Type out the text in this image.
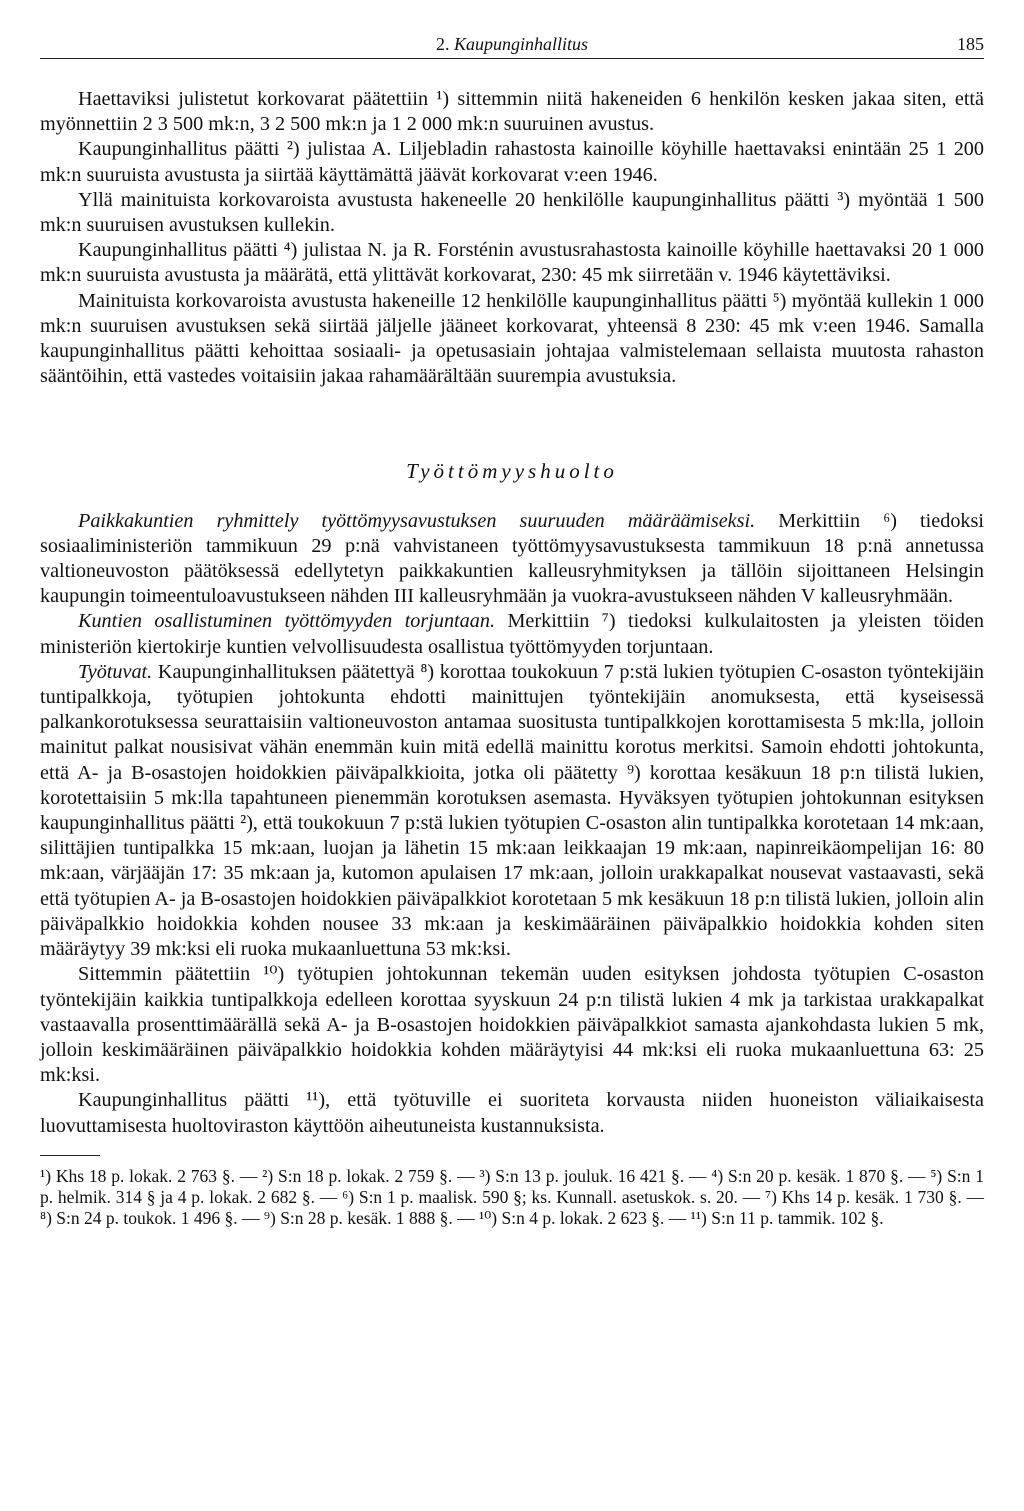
2. Kaupunginhallitus	185

Haettaviksi julistetut korkovarat päätettiin ¹) sittemmin niitä hakeneiden 6 henkilön kesken jakaa siten, että myönnettiin 2 3 500 mk:n, 3 2 500 mk:n ja 1 2 000 mk:n suuruinen avustus.

Kaupunginhallitus päätti ²) julistaa A. Liljebladin rahastosta kainoille köyhille haettavaksi enintään 25 1 200 mk:n suuruista avustusta ja siirtää käyttämättä jäävät korkovarat v:een 1946.

Yllä mainituista korkovaroista avustusta hakeneelle 20 henkilölle kaupunginhallitus päätti ³) myöntää 1 500 mk:n suuruisen avustuksen kullekin.

Kaupunginhallitus päätti ⁴) julistaa N. ja R. Forsténin avustusrahastosta kainoille köyhille haettavaksi 20 1 000 mk:n suuruista avustusta ja määrätä, että ylittävät korkovarat, 230: 45 mk siirretään v. 1946 käytettäviksi.

Mainituista korkovaroista avustusta hakeneille 12 henkilölle kaupunginhallitus päätti ⁵) myöntää kullekin 1 000 mk:n suuruisen avustuksen sekä siirtää jäljelle jääneet korkovarat, yhteensä 8 230: 45 mk v:een 1946. Samalla kaupunginhallitus päätti kehoittaa sosiaali- ja opetusasiain johtajaa valmistelemaan sellaista muutosta rahaston sääntöihin, että vastedes voitaisiin jakaa rahamäärältään suurempia avustuksia.

Työttömyyshuolto

Paikkakuntien ryhmittely työttömyysavustuksen suuruuden määräämiseksi. Merkittiin ⁶) tiedoksi sosiaaliministeriön tammikuun 29 p:nä vahvistaneen työttömyysavustuksesta tammikuun 18 p:nä annetussa valtioneuvoston päätöksessä edellytetyn paikkakuntien kalleusryhmityksen ja tällöin sijoittaneen Helsingin kaupungin toimeentuloavustukseen nähden III kalleusryhmään ja vuokra-avustukseen nähden V kalleusryhmään.

Kuntien osallistuminen työttömyyden torjuntaan. Merkittiin ⁷) tiedoksi kulkulaitosten ja yleisten töiden ministeriön kiertokirje kuntien velvollisuudesta osallistua työttömyyden torjuntaan.

Työtuvat. Kaupunginhallituksen päätettyä ⁸) korottaa toukokuun 7 p:stä lukien työtupien C-osaston työntekijäin tuntipalkkoja, työtupien johtokunta ehdotti mainittujen työntekijäin anomuksesta, että kyseisessä palkankorotuksessa seurattaisiin valtioneuvoston antamaa suositusta tuntipalkkojen korottamisesta 5 mk:lla, jolloin mainitut palkat nousisivat vähän enemmän kuin mitä edellä mainittu korotus merkitsi. Samoin ehdotti johtokunta, että A- ja B-osastojen hoidokkien päiväpalkkioita, jotka oli päätetty ⁹) korottaa kesäkuun 18 p:n tilistä lukien, korotettaisiin 5 mk:lla tapahtuneen pienemmän korotuksen asemasta. Hyväksyen työtupien johtokunnan esityksen kaupunginhallitus päätti ²), että toukokuun 7 p:stä lukien työtupien C-osaston alin tuntipalkka korotetaan 14 mk:aan, silittäjien tuntipalkka 15 mk:aan, luojan ja lähetin 15 mk:aan leikkaajan 19 mk:aan, napinreikäompelijan 16: 80 mk:aan, värjääjän 17: 35 mk:aan ja, kutomon apulaisen 17 mk:aan, jolloin urakkapalkat nousevat vastaavasti, sekä että työtupien A- ja B-osastojen hoidokkien päiväpalkkiot korotetaan 5 mk kesäkuun 18 p:n tilistä lukien, jolloin alin päiväpalkkio hoidokkia kohden nousee 33 mk:aan ja keskimääräinen päiväpalkkio hoidokkia kohden siten määräytyy 39 mk:ksi eli ruoka mukaanluettuna 53 mk:ksi.

Sittemmin päätettiin ¹⁰) työtupien johtokunnan tekemän uuden esityksen johdosta työtupien C-osaston työntekijäin kaikkia tuntipalkkoja edelleen korottaa syyskuun 24 p:n tilistä lukien 4 mk ja tarkistaa urakkapalkat vastaavalla prosenttimäärällä sekä A- ja B-osastojen hoidokkien päiväpalkkiot samasta ajankohdasta lukien 5 mk, jolloin keskimääräinen päiväpalkkio hoidokkia kohden määräytyisi 44 mk:ksi eli ruoka mukaanluettuna 63: 25 mk:ksi.

Kaupunginhallitus päätti ¹¹), että työtuville ei suoriteta korvausta niiden huoneiston väliaikaisesta luovuttamisesta huoltoviraston käyttöön aiheutuneista kustannuksista.

¹) Khs 18 p. lokak. 2 763 §. — ²) S:n 18 p. lokak. 2 759 §. — ³) S:n 13 p. jouluk. 16 421 §. — ⁴) S:n 20 p. kesäk. 1 870 §. — ⁵) S:n 1 p. helmik. 314 § ja 4 p. lokak. 2 682 §. — ⁶) S:n 1 p. maalisk. 590 §; ks. Kunnall. asetuskok. s. 20. — ⁷) Khs 14 p. kesäk. 1 730 §. — ⁸) S:n 24 p. toukok. 1 496 §. — ⁹) S:n 28 p. kesäk. 1 888 §. — ¹⁰) S:n 4 p. lokak. 2 623 §. — ¹¹) S:n 11 p. tammik. 102 §.
